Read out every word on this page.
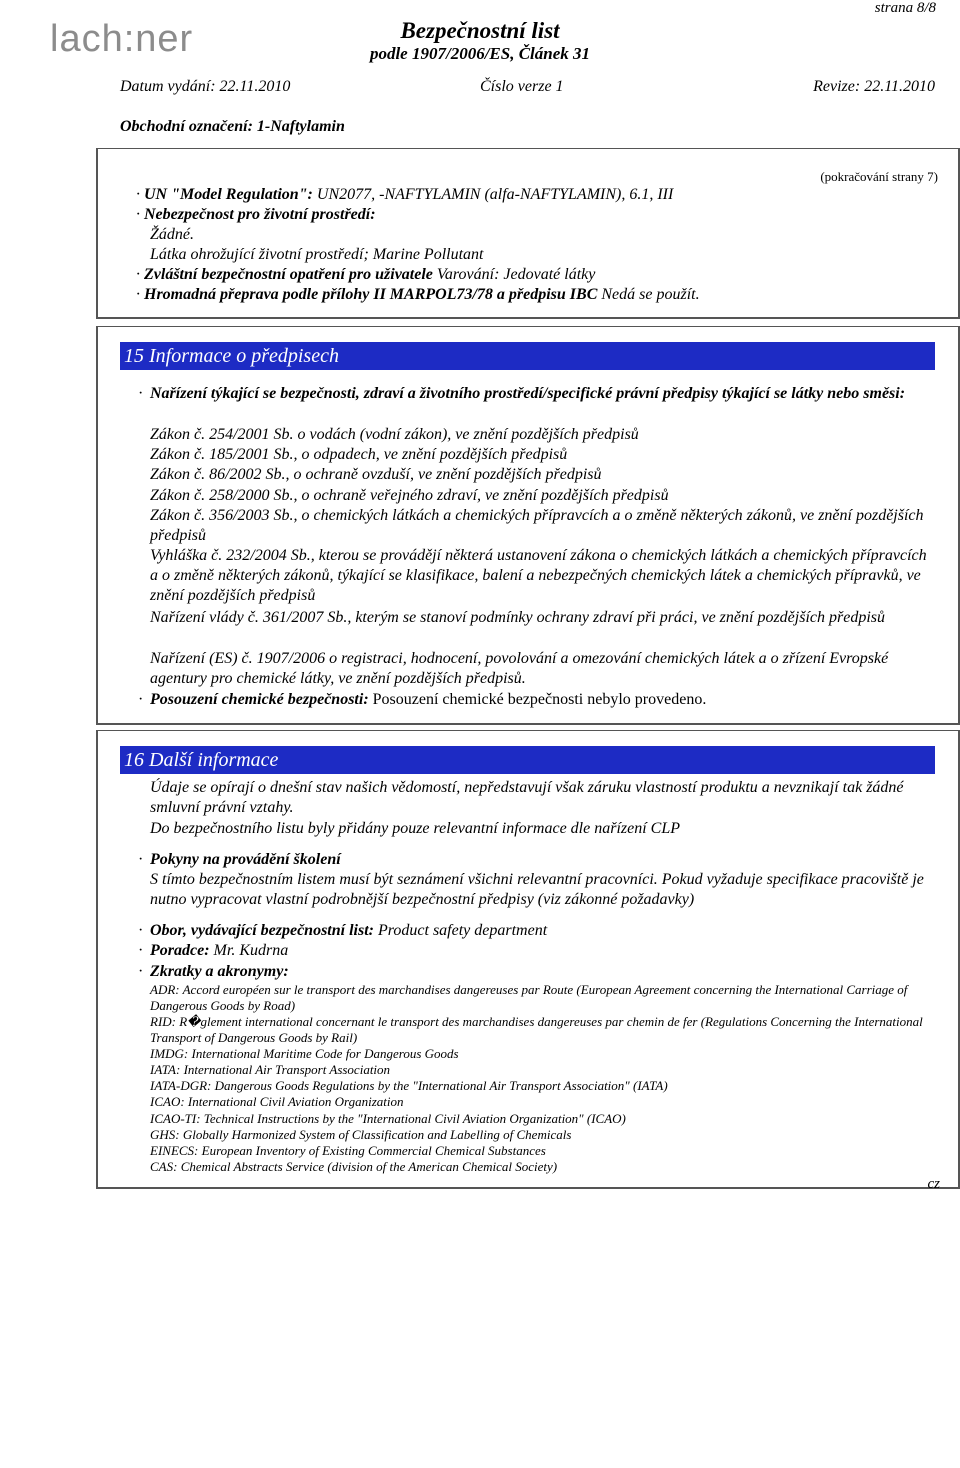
lach:ner
strana 8/8
Bezpečnostní list
podle 1907/2006/ES, Článek 31
Datum vydání: 22.11.2010	Číslo verze 1	Revize: 22.11.2010
Obchodní označení: 1-Naftylamin
(pokračování strany 7)
· UN "Model Regulation": UN2077, -NAFTYLAMIN (alfa-NAFTYLAMIN), 6.1, III
· Nebezpečnost pro životní prostředí:
Žádné.
Látka ohrožující životní prostředí; Marine Pollutant
· Zvláštní bezpečnostní opatření pro uživatele Varování: Jedovaté látky
· Hromadná přeprava podle přílohy II MARPOL73/78 a předpisu IBC Nedá se použít.
15 Informace o předpisech
· Nařízení týkající se bezpečnosti, zdraví a životního prostředí/specifické právní předpisy týkající se látky nebo směsi:
Zákon č. 254/2001 Sb. o vodách (vodní zákon), ve znění pozdějších předpisů
Zákon č. 185/2001 Sb., o odpadech, ve znění pozdějších předpisů
Zákon č. 86/2002 Sb., o ochraně ovzduší, ve znění pozdějších předpisů
Zákon č. 258/2000 Sb., o ochraně veřejného zdraví, ve znění pozdějších předpisů
Zákon č. 356/2003 Sb., o chemických látkách a chemických přípravcích a o změně některých zákonů, ve znění pozdějších předpisů
Vyhláška č. 232/2004 Sb., kterou se provádějí některá ustanovení zákona o chemických látkách a chemických přípravcích a o změně některých zákonů, týkající se klasifikace, balení a nebezpečných chemických látek a chemických přípravků, ve znění pozdějších předpisů
Nařízení vlády č. 361/2007 Sb., kterým se stanoví podmínky ochrany zdraví při práci, ve znění pozdějších předpisů
Nařízení (ES) č. 1907/2006 o registraci, hodnocení, povolování a omezování chemických látek a o zřízení Evropské agentury pro chemické látky, ve znění pozdějších předpisů.
· Posouzení chemické bezpečnosti: Posouzení chemické bezpečnosti nebylo provedeno.
16 Další informace
Údaje se opírají o dnešní stav našich vědomostí, nepředstavují však záruku vlastností produktu a nevznikají tak žádné smluvní právní vztahy.
Do bezpečnostního listu byly přidány pouze relevantní informace dle nařízení CLP
· Pokyny na provádění školení
S tímto bezpečnostním listem musí být seznámení všichni relevantní pracovníci. Pokud vyžaduje specifikace pracoviště je nutno vypracovat vlastní podrobnější bezpečnostní předpisy (viz zákonné požadavky)
· Obor, vydávající bezpečnostní list: Product safety department
· Poradce: Mr. Kudrna
· Zkratky a akronymy:
ADR: Accord européen sur le transport des marchandises dangereuses par Route (European Agreement concerning the International Carriage of Dangerous Goods by Road)
RID: R�glement international concernant le transport des marchandises dangereuses par chemin de fer (Regulations Concerning the International Transport of Dangerous Goods by Rail)
IMDG: International Maritime Code for Dangerous Goods
IATA: International Air Transport Association
IATA-DGR: Dangerous Goods Regulations by the "International Air Transport Association" (IATA)
ICAO: International Civil Aviation Organization
ICAO-TI: Technical Instructions by the "International Civil Aviation Organization" (ICAO)
GHS: Globally Harmonized System of Classification and Labelling of Chemicals
EINECS: European Inventory of Existing Commercial Chemical Substances
CAS: Chemical Abstracts Service (division of the American Chemical Society)
cz
